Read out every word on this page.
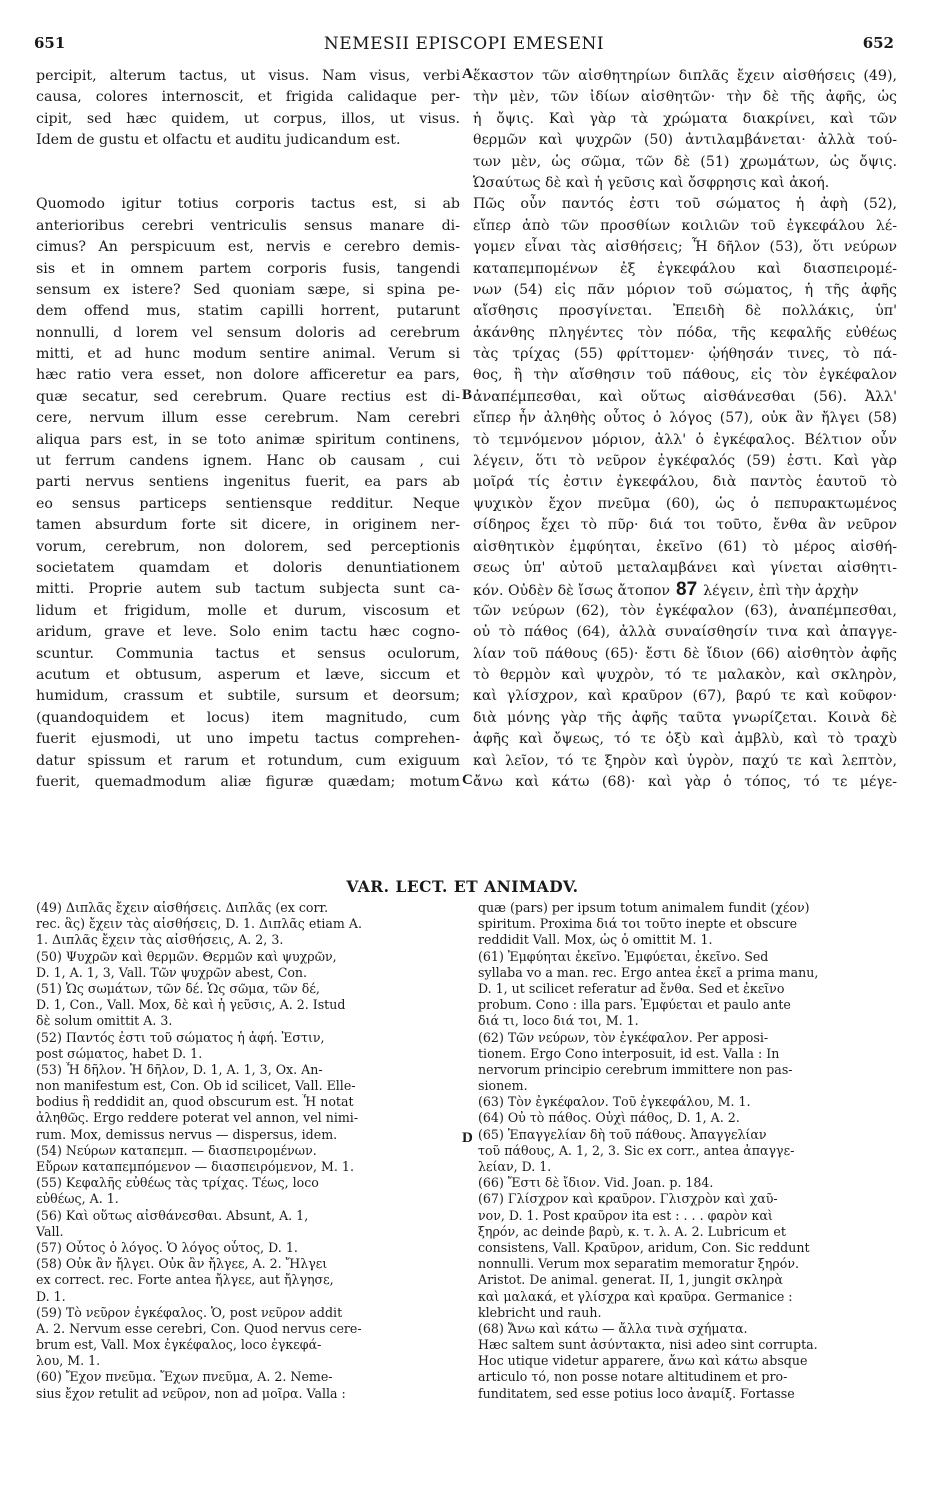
651	NEMESII EPISCOPI EMESENI	652
percipit, alterum tactus, ut visus. Nam visus, verbi
causa, colores internoscit, et frigida calidaque per-
cipit, sed hæc quidem, ut corpus, illos, ut visus.
Idem de gustu et olfactu et auditu judicandum est.

Quomodo igitur totius corporis tactus est, si ab
anterioribus cerebri ventriculis sensus manare di-
cimus? An perspicuum est, nervis e cerebro demis-
sis et in omnem partem corporis fusis, tangendi
sensum ex istere? Sed quoniam sæpe, si spina pe-
dem offend mus, statim capilli horrent, putarunt
nonnulli, d lorem vel sensum doloris ad cerebrum
mitti, et ad hunc modum sentire animal. Verum si
hæc ratio vera esset, non dolore afficeretur ea pars,
quæ secatur, sed cerebrum. Quare rectius est di-
cere, nervum illum esse cerebrum. Nam cerebri
aliqua pars est, in se toto animæ spiritum continens,
ut ferrum candens ignem. Hanc ob causam , cui
parti nervus sentiens ingenitus fuerit, ea pars ab
eo sensus particeps sentiensque redditur. Neque
tamen absurdum forte sit dicere, in originem ner-
vorum, cerebrum, non dolorem, sed perceptionis
societatem quamdam et doloris denuntiationem
mitti. Proprie autem sub tactum subjecta sunt ca-
lidum et frigidum, molle et durum, viscosum et
aridum, grave et leve. Solo enim tactu hæc cogno-
scuntur. Communia tactus et sensus oculorum,
acutum et obtusum, asperum et læve, siccum et
humidum, crassum et subtile, sursum et deorsum;
(quandoquidem et locus) item magnitudo, cum
fuerit ejusmodi, ut uno impetu tactus comprehen-
datur spissum et rarum et rotundum, cum exiguum
fuerit, quemadmodum aliæ figuræ quædam; motum
ἕκαστον τῶν αἰσθητηρίων διπλᾶς ἔχειν αἰσθήσεις (49),
τὴν μὲν, τῶν ἰδίων αἰσθητῶν· τὴν δὲ τῆς ἀφῆς, ὡς
ἡ ὄψις. Καὶ γὰρ τὰ χρώματα διακρίνει, καὶ τῶν
θερμῶν καὶ ψυχρῶν (50) ἀντιλαμβάνεται· ἀλλὰ τού-
των μὲν, ὡς σῶμα, τῶν δὲ (51) χρωμάτων, ὡς ὄψις.
Ὡσαύτως δὲ καὶ ἡ γεῦσις καὶ ὄσφρησις καὶ ἀκοή.
Πῶς οὖν παντός ἐστι τοῦ σώματος ἡ ἀφὴ (52),
εἴπερ ἀπὸ τῶν προσθίων κοιλιῶν τοῦ ἐγκεφάλου λέ-
γομεν εἶναι τὰς αἰσθήσεις; Ἦ δῆλον (53), ὅτι νεύρων
καταπεμπομένων ἐξ ἐγκεφάλου καὶ διασπειρομέ-
νων (54) εἰς πᾶν μόριον τοῦ σώματος, ἡ τῆς ἀφῆς
αἴσθησις προσγίνεται. Ἐπειδὴ δὲ πολλάκις, ὑπ'
ἀκάνθης πληγέντες τὸν πόδα, τῆς κεφαλῆς εὐθέως
τὰς τρίχας (55) φρίττομεν· ᾠήθησάν τινες, τὸ πά-
θος, ἢ τὴν αἴσθησιν τοῦ πάθους, εἰς τὸν ἐγκέφαλον
ἀναπέμπεσθαι, καὶ οὕτως αἰσθάνεσθαι (56). Ἀλλ'
εἴπερ ἦν ἀληθὴς οὗτος ὁ λόγος (57), οὐκ ἂν ἤλγει (58)
τὸ τεμνόμενον μόριον, ἀλλ' ὁ ἐγκέφαλος. Βέλτιον οὖν
λέγειν, ὅτι τὸ νεῦρον ἐγκέφαλός (59) ἐστι. Καὶ γὰρ
μοῖρά τίς ἐστιν ἐγκεφάλου, διὰ παντὸς ἑαυτοῦ τὸ
ψυχικὸν ἔχον πνεῦμα (60), ὡς ὁ πεπυρακτωμένος
σίδηρος ἔχει τὸ πῦρ· διά τοι τοῦτο, ἔνθα ἂν νεῦρον
αἰσθητικὸν ἐμφύηται, ἐκεῖνο (61) τὸ μέρος αἰσθή-
σεως ὑπ' αὐτοῦ μεταλαμβάνει καὶ γίνεται αἰσθητι-
κόν. Οὐδὲν δὲ ἴσως ἄτοπον 87 λέγειν, ἐπὶ τὴν ἀρχὴν
τῶν νεύρων (62), τὸν ἐγκέφαλον (63), ἀναπέμπεσθαι,
οὐ τὸ πάθος (64), ἀλλὰ συναίσθησίν τινα καὶ ἀπαγγε-
λίαν τοῦ πάθους (65)· ἔστι δὲ ἴδιον (66) αἰσθητὸν ἀφῆς
τὸ θερμὸν καὶ ψυχρὸν, τό τε μαλακὸν, καὶ σκληρὸν,
καὶ γλίσχρον, καὶ κραῦρον (67), βαρύ τε καὶ κοῦφον·
διὰ μόνης γὰρ τῆς ἀφῆς ταῦτα γνωρίζεται. Κοινὰ δὲ
ἀφῆς καὶ ὄψεως, τό τε ὀξὺ καὶ ἀμβλὺ, καὶ τὸ τραχὺ
καὶ λεῖον, τό τε ξηρὸν καὶ ὑγρὸν, παχύ τε καὶ λεπτὸν,
ἄνω καὶ κάτω (68)· καὶ γὰρ ὁ τόπος, τό τε μέγε-
A
B
C
D
VAR. LECT. ET ANIMADV.
(49) Διπλᾶς ἔχειν αἰσθήσεις. Διπλᾶς (ex corr.
rec. ἃς) ἔχειν τὰς αἰσθήσεις, D. 1. Διπλᾶς etiam A.
1. Διπλᾶς ἔχειν τὰς αἰσθήσεις, A. 2, 3.
(50) Ψυχρῶν καὶ θερμῶν. Θερμῶν καὶ ψυχρῶν,
D. 1, A. 1, 3, Vall. Τῶν ψυχρῶν abest, Con.
(51) Ὡς σωμάτων, τῶν δέ. Ὡς σῶμα, τῶν δέ,
D. 1, Con., Vall. Mox, δὲ καὶ ἡ γεῦσις, A. 2. Istud
δὲ solum omittit A. 3.
(52) Παντός ἐστι τοῦ σώματος ἡ ἀφή. Ἐστιν,
post σώματος, habet D. 1.
(53) Ἦ δῆλον. Ἡ δῆλον, D. 1, A. 1, 3, Ox. An-
non manifestum est, Con. Ob id scilicet, Vall. Elle-
bodius ἢ reddidit an, quod obscurum est. Ἦ notat
ἀληθῶς. Ergo reddere poterat vel annon, vel nimi-
rum. Mox, demissus nervus — dispersus, idem.
(54) Νεύρων καταπεμπ. — διασπειρομένων.
Εὔρων καταπεμπόμενον — διασπειρόμενον, M. 1.
(55) Κεφαλῆς εὐθέως τὰς τρίχας. Τέως, loco
εὐθέως, A. 1.
(56) Καὶ οὕτως αἰσθάνεσθαι. Absunt, A. 1,
Vall.
(57) Οὗτος ὁ λόγος. Ὁ λόγος οὗτος, D. 1.
(58) Οὐκ ἂν ἤλγει. Οὐκ ἂν ἤλγεε, A. 2. Ἤλγει
ex correct. rec. Forte antea ἤλγεε, aut ἤλγησε,
D. 1.
(59) Τὸ νεῦρον ἐγκέφαλος. Ὁ, post νεῦρον addit
A. 2. Nervum esse cerebri, Con. Quod nervus cere-
brum est, Vall. Mox ἐγκέφαλος, loco ἐγκεφά-
λου, M. 1.
(60) Ἔχον πνεῦμα. Ἔχων πνεῦμα, A. 2. Neme-
sius ἔχον retulit ad νεῦρον, non ad μοῖρα. Valla :
quæ (pars) per ipsum totum animalem fundit (χέον)
spiritum. Proxima διά τοι τοῦτο inepte et obscure
reddidit Vall. Mox, ὡς ὁ omittit M. 1.
(61) Ἐμφύηται ἐκεῖνο. Ἐμφύεται, ἐκεῖνο. Sed
syllaba vo a man. rec. Ergo antea ἐκεῖ a prima manu,
D. 1, ut scilicet referatur ad ἔνθα. Sed et ἐκεῖνο
probum. Cono : illa pars. Ἐμφύεται et paulo ante
διά τι, loco διά τοι, M. 1.
(62) Τῶν νεύρων, τὸν ἐγκέφαλον. Per apposi-
tionem. Ergo Cono interposuit, id est. Valla : In
nervorum principio cerebrum immittere non pas-
sionem.
(63) Τὸν ἐγκέφαλον. Τοῦ ἐγκεφάλου, M. 1.
(64) Οὐ τὸ πάθος. Οὐχὶ πάθος, D. 1, A. 2.
(65) Ἐπαγγελίαν δὴ τοῦ πάθους. Ἀπαγγελίαν
τοῦ πάθους, A. 1, 2, 3. Sic ex corr., antea ἀπαγγε-
λείαν, D. 1.
(66) Ἔστι δὲ ἴδιον. Vid. Joan. p. 184.
(67) Γλίσχρον καὶ κραῦρον. Γλισχρὸν καὶ χαῦ-
νον, D. 1. Post κραῦρον ita est : . . . φαρὸν καὶ
ξηρόν, ac deinde βαρὺ, κ. τ. λ. A. 2. Lubricum et
consistens, Vall. Κραῦρον, aridum, Con. Sic reddunt
nonnulli. Verum mox separatim memoratur ξηρόν.
Aristot. De animal. generat. II, 1, jungit σκληρὰ
καὶ μαλακά, et γλίσχρα καὶ κραῦρα. Germanice :
klebricht und rauh.
(68) Ἄνω καὶ κάτω — ἄλλα τινὰ σχήματα.
Hæc saltem sunt ἀσύντακτα, nisi adeo sint corrupta.
Hoc utique videtur apparere, ἄνω καὶ κάτω absque
articulo τό, non posse notare altitudinem et pro-
funditatem, sed esse potius loco ἀναμίξ. Fortasse
